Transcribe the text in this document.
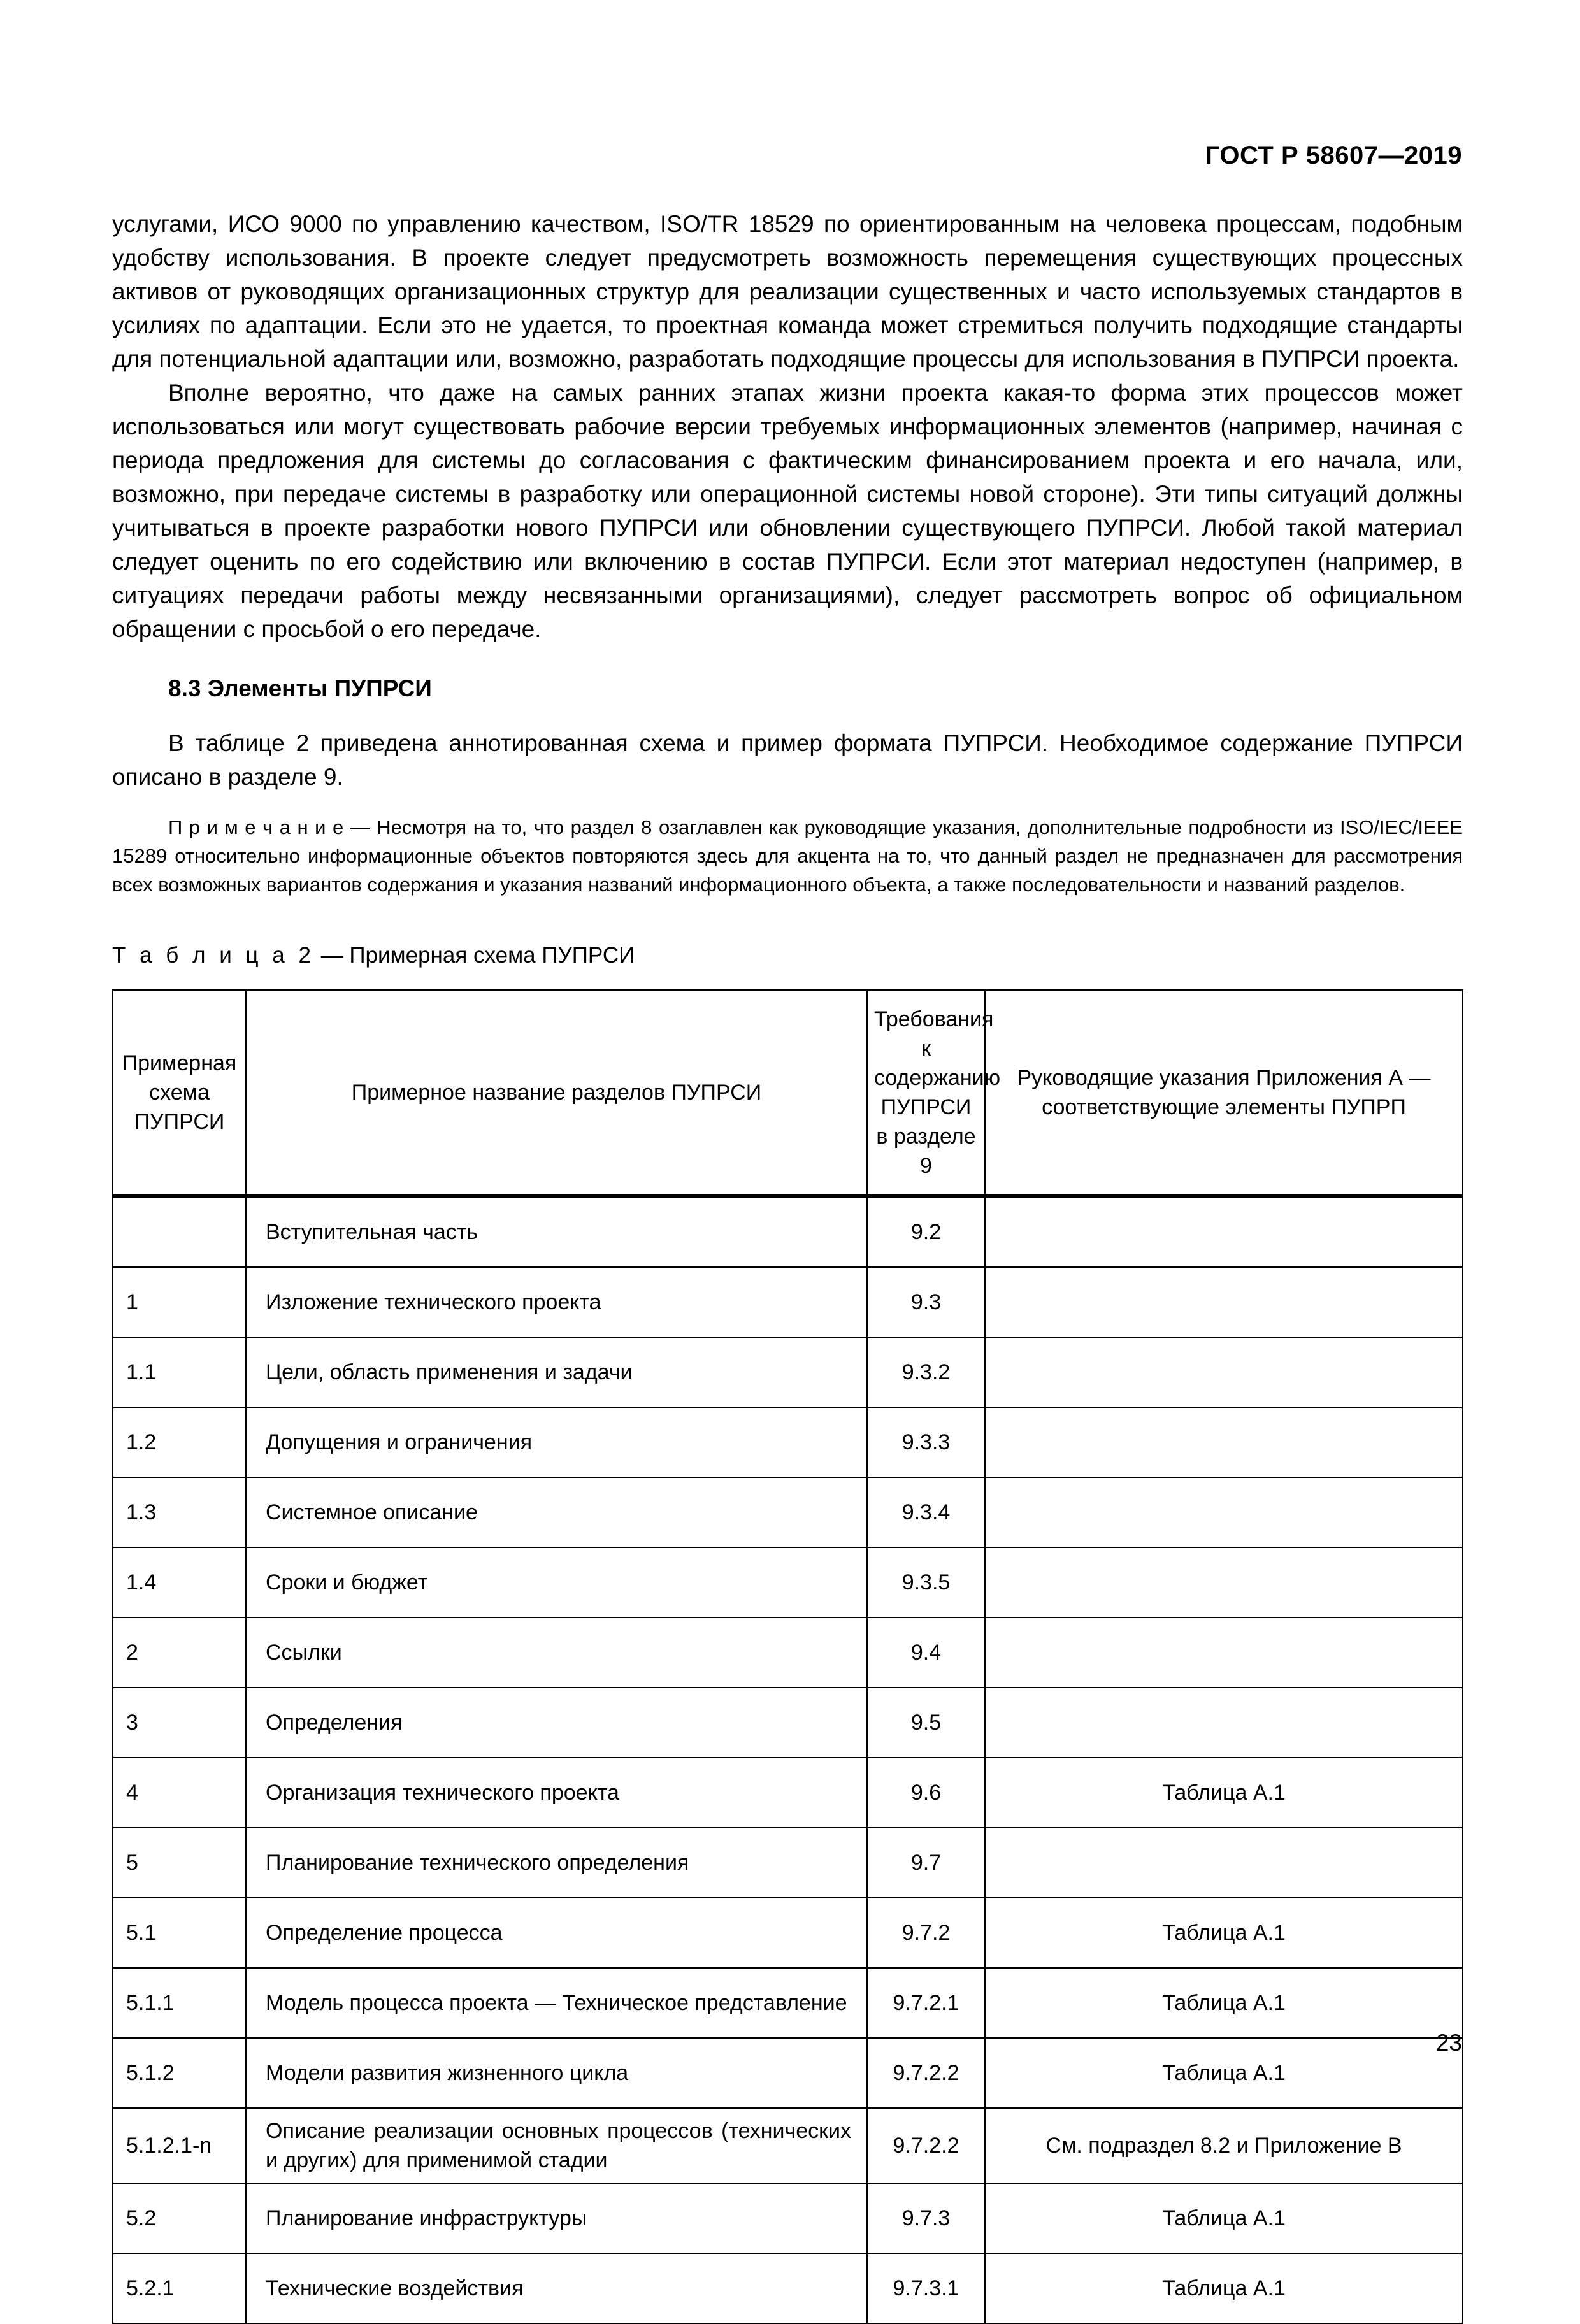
ГОСТ Р 58607—2019

услугами, ИСО 9000 по управлению качеством, ISO/TR 18529 по ориентированным на человека процессам, подобным удобству использования. В проекте следует предусмотреть возможность перемещения существующих процессных активов от руководящих организационных структур для реализации существенных и часто используемых стандартов в усилиях по адаптации. Если это не удается, то проектная команда может стремиться получить подходящие стандарты для потенциальной адаптации или, возможно, разработать подходящие процессы для использования в ПУПРСИ проекта.

Вполне вероятно, что даже на самых ранних этапах жизни проекта какая-то форма этих процессов может использоваться или могут существовать рабочие версии требуемых информационных элементов (например, начиная с периода предложения для системы до согласования с фактическим финансированием проекта и его начала, или, возможно, при передаче системы в разработку или операционной системы новой стороне). Эти типы ситуаций должны учитываться в проекте разработки нового ПУПРСИ или обновлении существующего ПУПРСИ. Любой такой материал следует оценить по его содействию или включению в состав ПУПРСИ. Если этот материал недоступен (например, в ситуациях передачи работы между несвязанными организациями), следует рассмотреть вопрос об официальном обращении с просьбой о его передаче.

8.3 Элементы ПУПРСИ

В таблице 2 приведена аннотированная схема и пример формата ПУПРСИ. Необходимое содержание ПУПРСИ описано в разделе 9.

П р и м е ч а н и е — Несмотря на то, что раздел 8 озаглавлен как руководящие указания, дополнительные подробности из ISO/IEC/IEEE 15289 относительно информационные объектов повторяются здесь для акцента на то, что данный раздел не предназначен для рассмотрения всех возможных вариантов содержания и указания названий информационного объекта, а также последовательности и названий разделов.

Т а б л и ц а 2 — Примерная схема ПУПРСИ

Примерная схема ПУПРСИ	Примерное название разделов ПУПРСИ	Требования к содержанию ПУПРСИ в разделе 9	Руководящие указания Приложения А — соответствующие элементы ПУПРП
	Вступительная часть	9.2	
1	Изложение технического проекта	9.3	
1.1	Цели, область применения и задачи	9.3.2	
1.2	Допущения и ограничения	9.3.3	
1.3	Системное описание	9.3.4	
1.4	Сроки и бюджет	9.3.5	
2	Ссылки	9.4	
3	Определения	9.5	
4	Организация технического проекта	9.6	Таблица А.1
5	Планирование технического определения	9.7	
5.1	Определение процесса	9.7.2	Таблица А.1
5.1.1	Модель процесса проекта — Техническое представление	9.7.2.1	Таблица А.1
5.1.2	Модели развития жизненного цикла	9.7.2.2	Таблица А.1
5.1.2.1-n	Описание реализации основных процессов (технических и других) для применимой стадии	9.7.2.2	См. подраздел 8.2 и Приложение В
5.2	Планирование инфраструктуры	9.7.3	Таблица А.1
5.2.1	Технические воздействия	9.7.3.1	Таблица А.1
23
